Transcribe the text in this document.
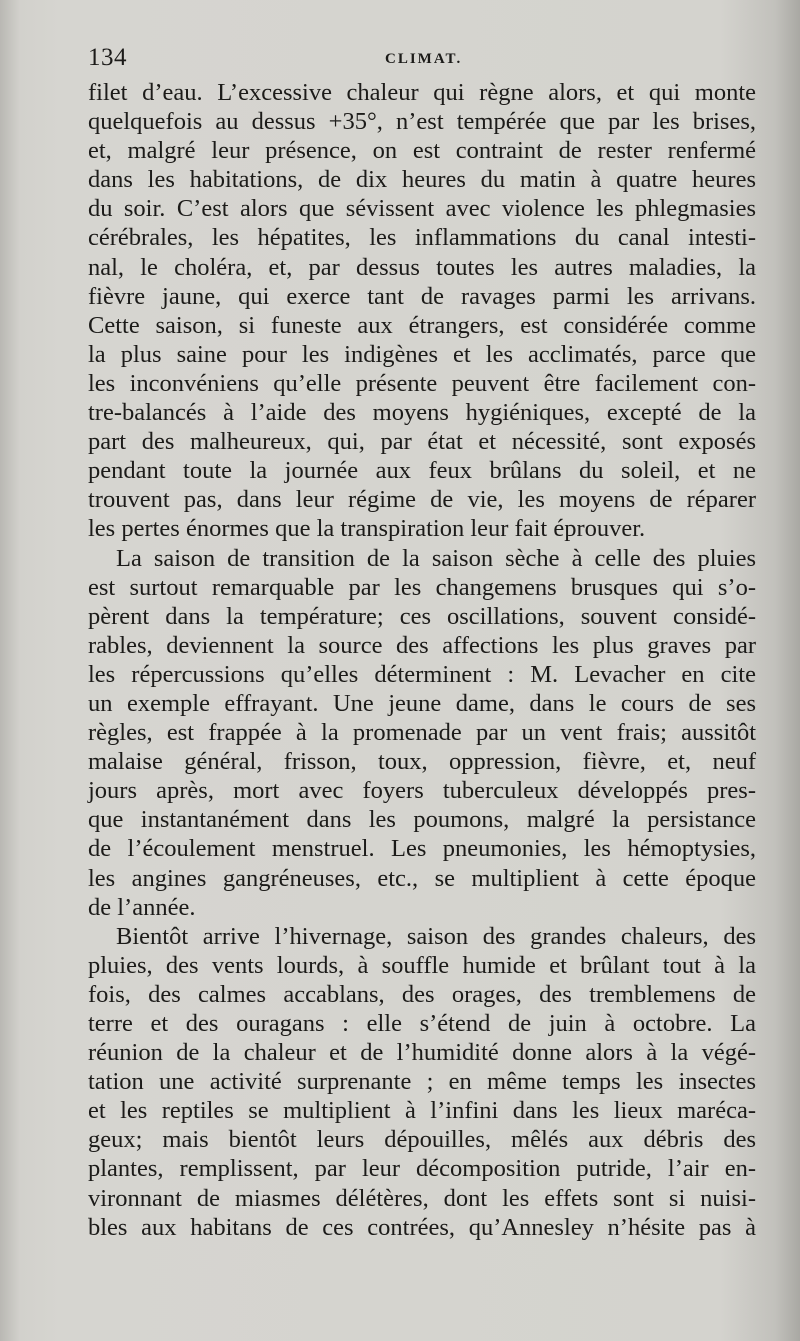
134	CLIMAT.
filet d’eau. L’excessive chaleur qui règne alors, et qui monte
quelquefois au dessus +35°, n’est tempérée que par les brises,
et, malgré leur présence, on est contraint de rester renfermé
dans les habitations, de dix heures du matin à quatre heures
du soir. C’est alors que sévissent avec violence les phlegmasies
cérébrales, les hépatites, les inflammations du canal intesti-
nal, le choléra, et, par dessus toutes les autres maladies, la
fièvre jaune, qui exerce tant de ravages parmi les arrivans.
Cette saison, si funeste aux étrangers, est considérée comme
la plus saine pour les indigènes et les acclimatés, parce que
les inconvéniens qu’elle présente peuvent être facilement con-
tre-balancés à l’aide des moyens hygiéniques, excepté de la
part des malheureux, qui, par état et nécessité, sont exposés
pendant toute la journée aux feux brûlans du soleil, et ne
trouvent pas, dans leur régime de vie, les moyens de réparer
les pertes énormes que la transpiration leur fait éprouver.
La saison de transition de la saison sèche à celle des pluies
est surtout remarquable par les changemens brusques qui s’o-
pèrent dans la température; ces oscillations, souvent considé-
rables, deviennent la source des affections les plus graves par
les répercussions qu’elles déterminent : M. Levacher en cite
un exemple effrayant. Une jeune dame, dans le cours de ses
règles, est frappée à la promenade par un vent frais; aussitôt
malaise général, frisson, toux, oppression, fièvre, et, neuf
jours après, mort avec foyers tuberculeux développés pres-
que instantanément dans les poumons, malgré la persistance
de l’écoulement menstruel. Les pneumonies, les hémoptysies,
les angines gangréneuses, etc., se multiplient à cette époque
de l’année.
Bientôt arrive l’hivernage, saison des grandes chaleurs, des
pluies, des vents lourds, à souffle humide et brûlant tout à la
fois, des calmes accablans, des orages, des tremblemens de
terre et des ouragans : elle s’étend de juin à octobre. La
réunion de la chaleur et de l’humidité donne alors à la végé-
tation une activité surprenante ; en même temps les insectes
et les reptiles se multiplient à l’infini dans les lieux maréca-
geux; mais bientôt leurs dépouilles, mêlés aux débris des
plantes, remplissent, par leur décomposition putride, l’air en-
vironnant de miasmes délétères, dont les effets sont si nuisi-
bles aux habitans de ces contrées, qu’Annesley n’hésite pas à
